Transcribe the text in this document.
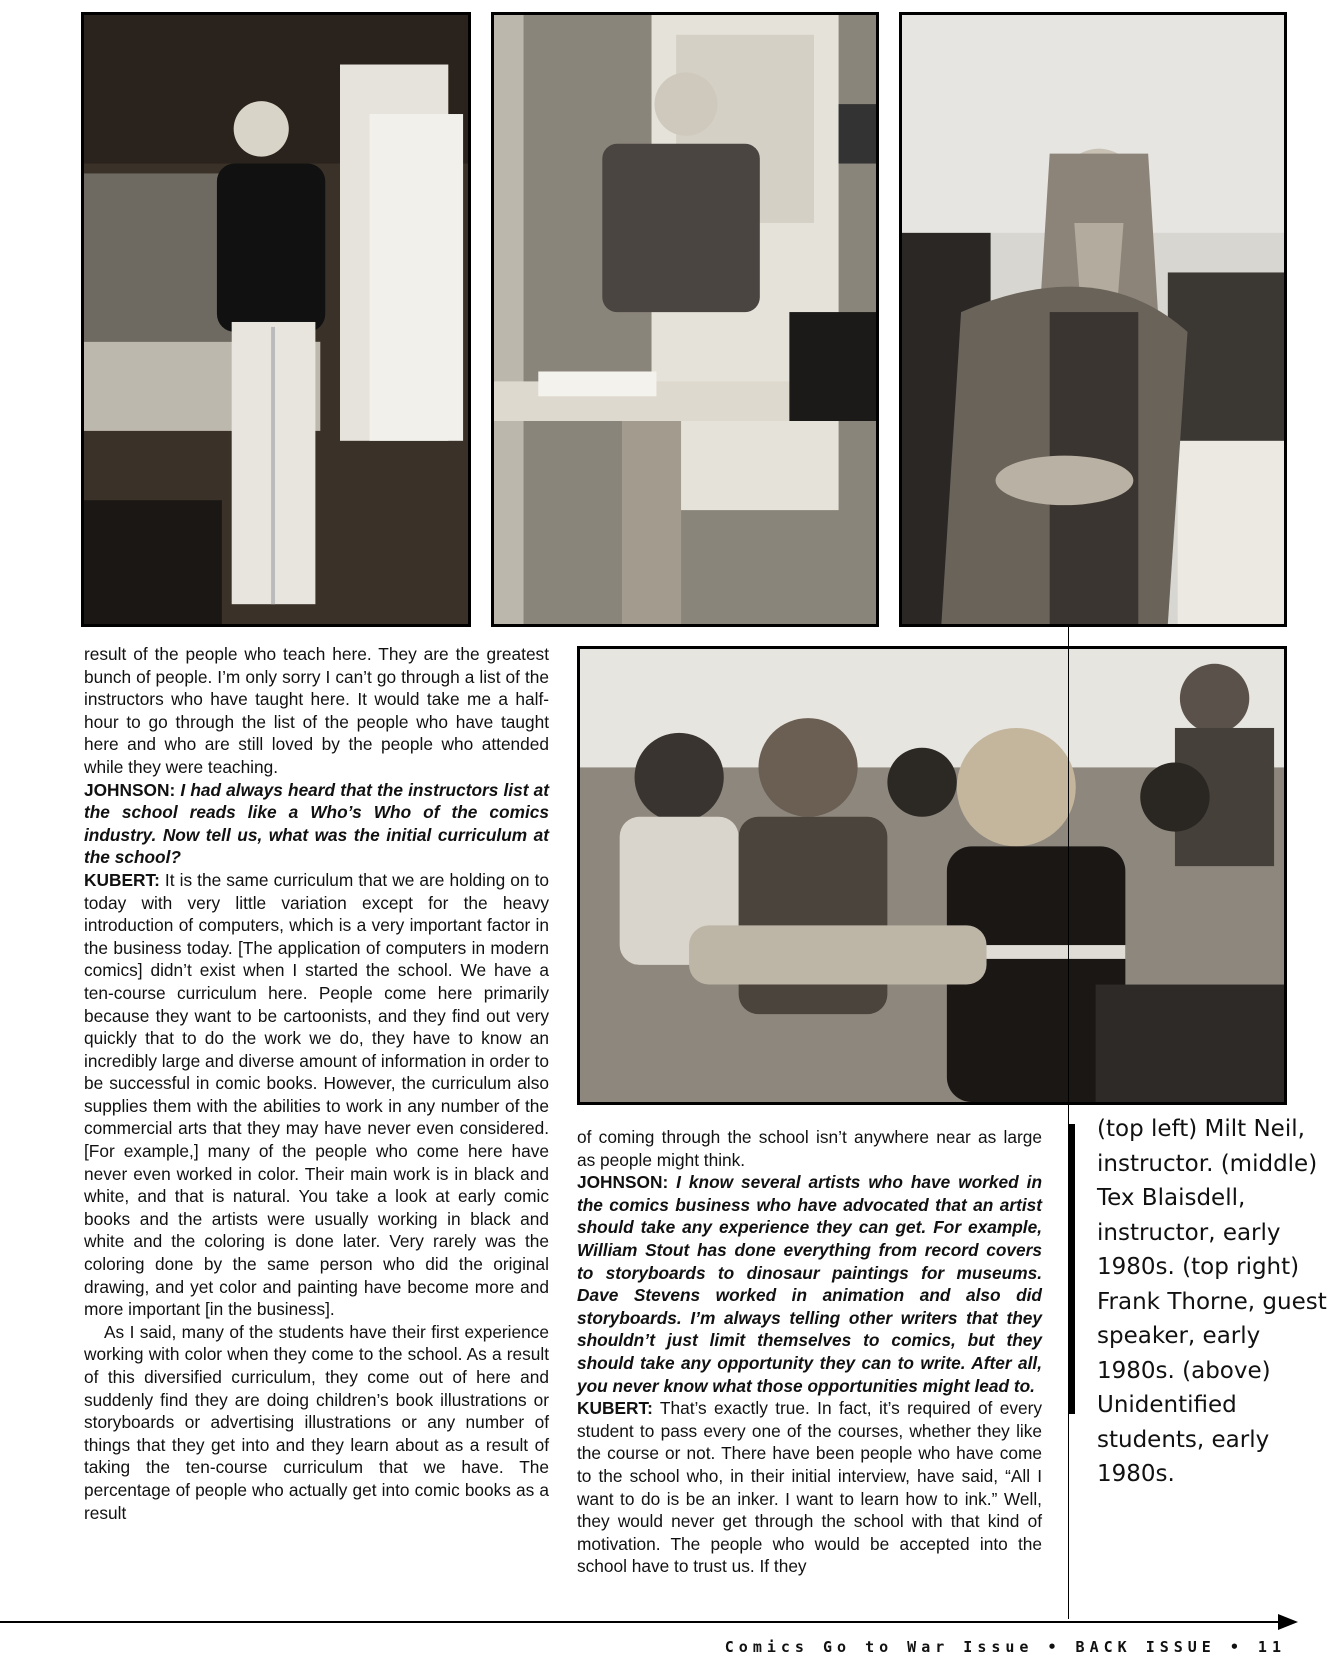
result of the people who teach here. They are the greatest bunch of people. I’m only sorry I can’t go through a list of the instructors who have taught here. It would take me a half-hour to go through the list of the people who have taught here and who are still loved by the people who attended while they were teaching.

JOHNSON: I had always heard that the instructors list at the school reads like a Who’s Who of the comics industry. Now tell us, what was the initial curriculum at the school?

KUBERT: It is the same curriculum that we are holding on to today with very little variation except for the heavy introduction of computers, which is a very important factor in the business today. [The application of computers in modern comics] didn’t exist when I started the school. We have a ten-course curriculum here. People come here primarily because they want to be cartoonists, and they find out very quickly that to do the work we do, they have to know an incredibly large and diverse amount of information in order to be successful in comic books. However, the curriculum also supplies them with the abilities to work in any number of the commercial arts that they may have never even considered. [For example,] many of the people who come here have never even worked in color. Their main work is in black and white, and that is natural. You take a look at early comic books and the artists were usually working in black and white and the coloring is done later. Very rarely was the coloring done by the same person who did the original drawing, and yet color and painting have become more and more important [in the business].

As I said, many of the students have their first experience working with color when they come to the school. As a result of this diversified curriculum, they come out of here and suddenly find they are doing children’s book illustrations or storyboards or advertising illustrations or any number of things that they get into and they learn about as a result of taking the ten-course curriculum that we have. The percentage of people who actually get into comic books as a result

of coming through the school isn’t anywhere near as large as people might think.

JOHNSON: I know several artists who have worked in the comics business who have advocated that an artist should take any experience they can get. For example, William Stout has done everything from record covers to storyboards to dinosaur paintings for museums. Dave Stevens worked in animation and also did storyboards. I’m always telling other writers that they shouldn’t just limit themselves to comics, but they should take any opportunity they can to write. After all, you never know what those opportunities might lead to.

KUBERT: That’s exactly true. In fact, it’s required of every student to pass every one of the courses, whether they like the course or not. There have been people who have come to the school who, in their initial interview, have said, “All I want to do is be an inker. I want to learn how to ink.” Well, they would never get through the school with that kind of motivation. The people who would be accepted into the school have to trust us. If they

(top left) Milt Neil, instructor. (middle) Tex Blaisdell, instructor, early 1980s. (top right) Frank Thorne, guest speaker, early 1980s. (above) Unidentified students, early 1980s.
Comics Go to War Issue • BACK ISSUE • 11
